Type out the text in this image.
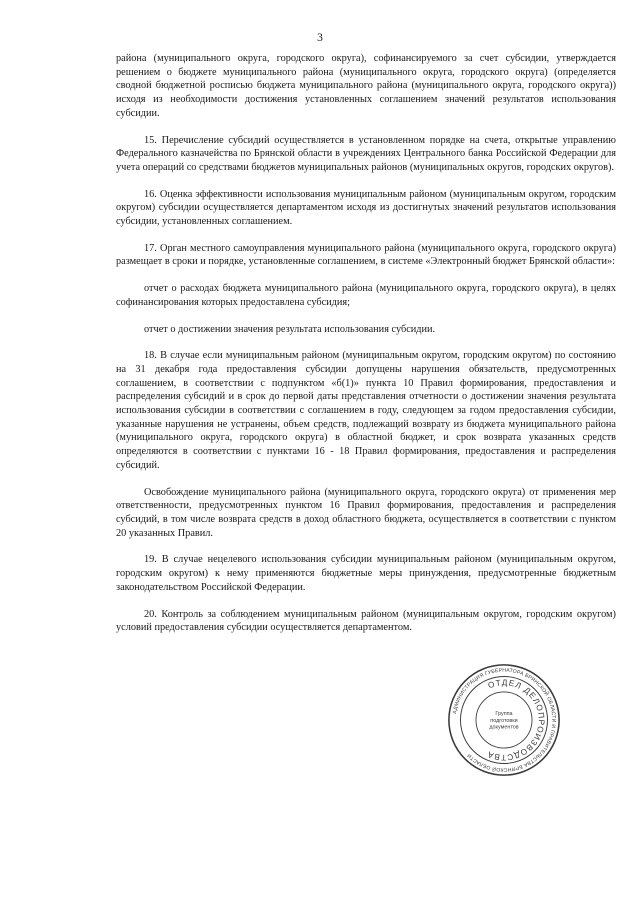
3

района (муниципального округа, городского округа), софинансируемого за счет субсидии, утверждается решением о бюджете муниципального района (муниципального округа, городского округа) (определяется сводной бюджетной росписью бюджета муниципального района (муниципального округа, городского округа)) исходя из необходимости достижения установленных соглашением значений результатов использования субсидии.

15. Перечисление субсидий осуществляется в установленном порядке на счета, открытые управлению Федерального казначейства по Брянской области в учреждениях Центрального банка Российской Федерации для учета операций со средствами бюджетов муниципальных районов (муниципальных округов, городских округов).

16. Оценка эффективности использования муниципальным районом (муниципальным округом, городским округом) субсидии осуществляется департаментом исходя из достигнутых значений результатов использования субсидии, установленных соглашением.

17. Орган местного самоуправления муниципального района (муниципального округа, городского округа) размещает в сроки и порядке, установленные соглашением, в системе «Электронный бюджет Брянской области»:

отчет о расходах бюджета муниципального района (муниципального округа, городского округа), в целях софинансирования которых предоставлена субсидия;

отчет о достижении значения результата использования субсидии.

18. В случае если муниципальным районом (муниципальным округом, городским округом) по состоянию на 31 декабря года предоставления субсидии допущены нарушения обязательств, предусмотренных соглашением, в соответствии с подпунктом «б(1)» пункта 10 Правил формирования, предоставления и распределения субсидий и в срок до первой даты представления отчетности о достижении значения результата использования субсидии в соответствии с соглашением в году, следующем за годом предоставления субсидии, указанные нарушения не устранены, объем средств, подлежащий возврату из бюджета муниципального района (муниципального округа, городского округа) в областной бюджет, и срок возврата указанных средств определяются в соответствии с пунктами 16 - 18 Правил формирования, предоставления и распределения субсидий.

Освобождение муниципального района (муниципального округа, городского округа) от применения мер ответственности, предусмотренных пунктом 16 Правил формирования, предоставления и распределения субсидий, в том числе возврата средств в доход областного бюджета, осуществляется в соответствии с пунктом 20 указанных Правил.

19. В случае нецелевого использования субсидии муниципальным районом (муниципальным округом, городским округом) к нему применяются бюджетные меры принуждения, предусмотренные бюджетным законодательством Российской Федерации.

20. Контроль за соблюдением муниципальным районом (муниципальным округом, городским округом) условий предоставления субсидии осуществляется департаментом.

АДМИНИСТРАЦИЯ ГУБЕРНАТОРА БРЯНСКОЙ ОБЛАСТИ И ПРАВИТЕЛЬСТВА БРЯНСКОЙ ОБЛАСТИ
ОТДЕЛ ДЕЛОПРОИЗВОДСТВА
Группа
подготовки
документов
